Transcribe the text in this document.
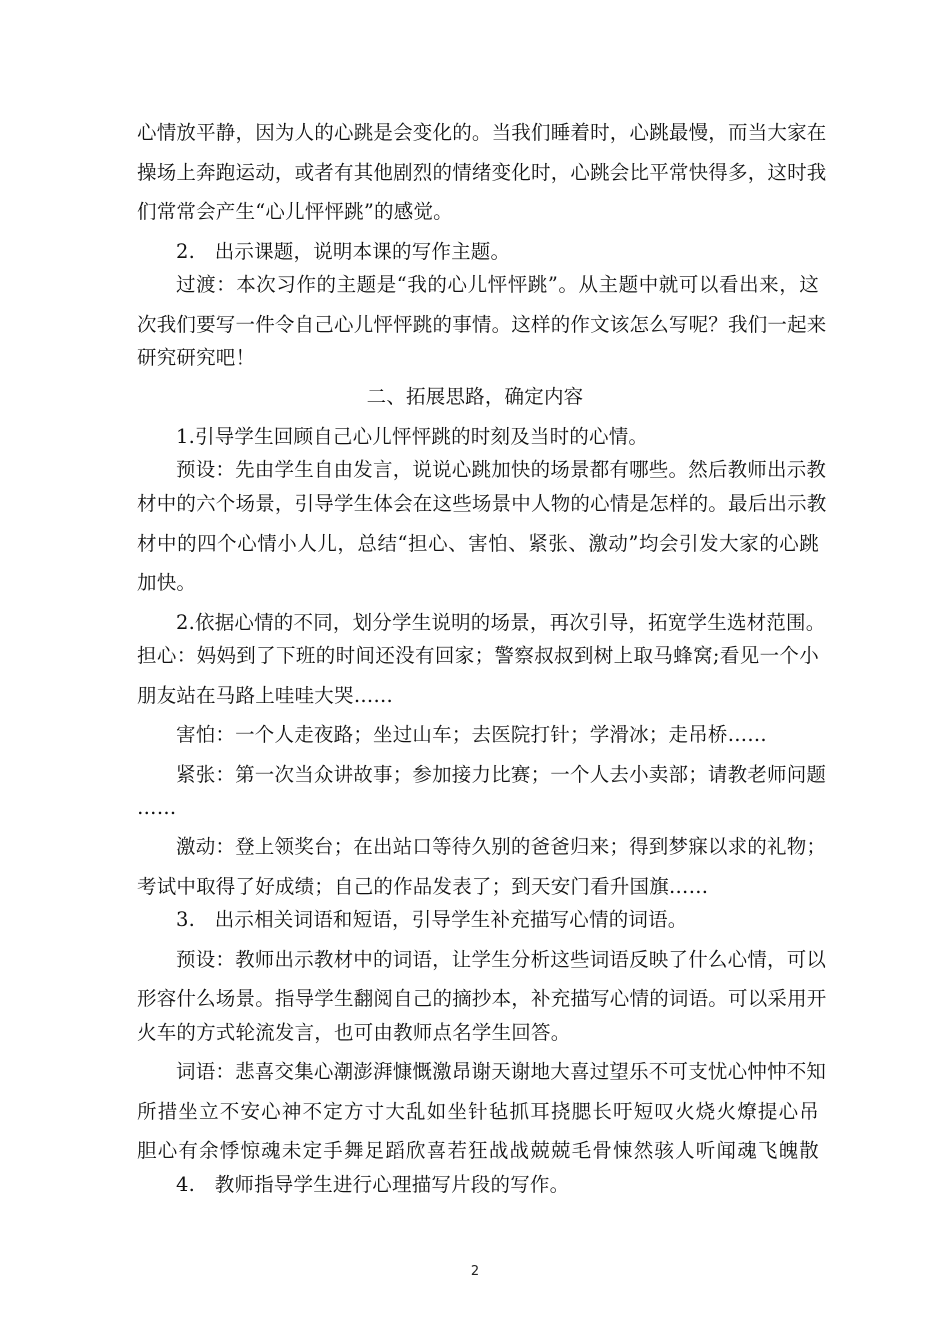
心情放平静，因为人的心跳是会变化的。当我们睡着时，心跳最慢，而当大家在
操场上奔跑运动，或者有其他剧烈的情绪变化时，心跳会比平常快得多，这时我
们常常会产生“心儿怦怦跳”的感觉。
2.　出示课题，说明本课的写作主题。
过渡：本次习作的主题是“我的心儿怦怦跳”。从主题中就可以看出来，这
次我们要写一件令自己心儿怦怦跳的事情。这样的作文该怎么写呢？我们一起来
研究研究吧！
二、拓展思路，确定内容
1.引导学生回顾自己心儿怦怦跳的时刻及当时的心情。
预设：先由学生自由发言，说说心跳加快的场景都有哪些。然后教师出示教
材中的六个场景，引导学生体会在这些场景中人物的心情是怎样的。最后出示教
材中的四个心情小人儿，总结“担心、害怕、紧张、激动”均会引发大家的心跳
加快。
2.依据心情的不同，划分学生说明的场景，再次引导，拓宽学生选材范围。
担心：妈妈到了下班的时间还没有回家；警察叔叔到树上取马蜂窝;看见一个小
朋友站在马路上哇哇大哭……
害怕：一个人走夜路；坐过山车；去医院打针；学滑冰；走吊桥……
紧张：第一次当众讲故事；参加接力比赛；一个人去小卖部；请教老师问题
……
激动：登上领奖台；在出站口等待久别的爸爸归来；得到梦寐以求的礼物；
考试中取得了好成绩；自己的作品发表了；到天安门看升国旗……
3.　出示相关词语和短语，引导学生补充描写心情的词语。
预设：教师出示教材中的词语，让学生分析这些词语反映了什么心情，可以
形容什么场景。指导学生翻阅自己的摘抄本，补充描写心情的词语。可以采用开
火车的方式轮流发言，也可由教师点名学生回答。
词语：悲喜交集心潮澎湃慷慨激昂谢天谢地大喜过望乐不可支忧心忡忡不知
所措坐立不安心神不定方寸大乱如坐针毡抓耳挠腮长吁短叹火烧火燎提心吊
胆心有余悸惊魂未定手舞足蹈欣喜若狂战战兢兢毛骨悚然骇人听闻魂飞魄散
4.　教师指导学生进行心理描写片段的写作。
2
